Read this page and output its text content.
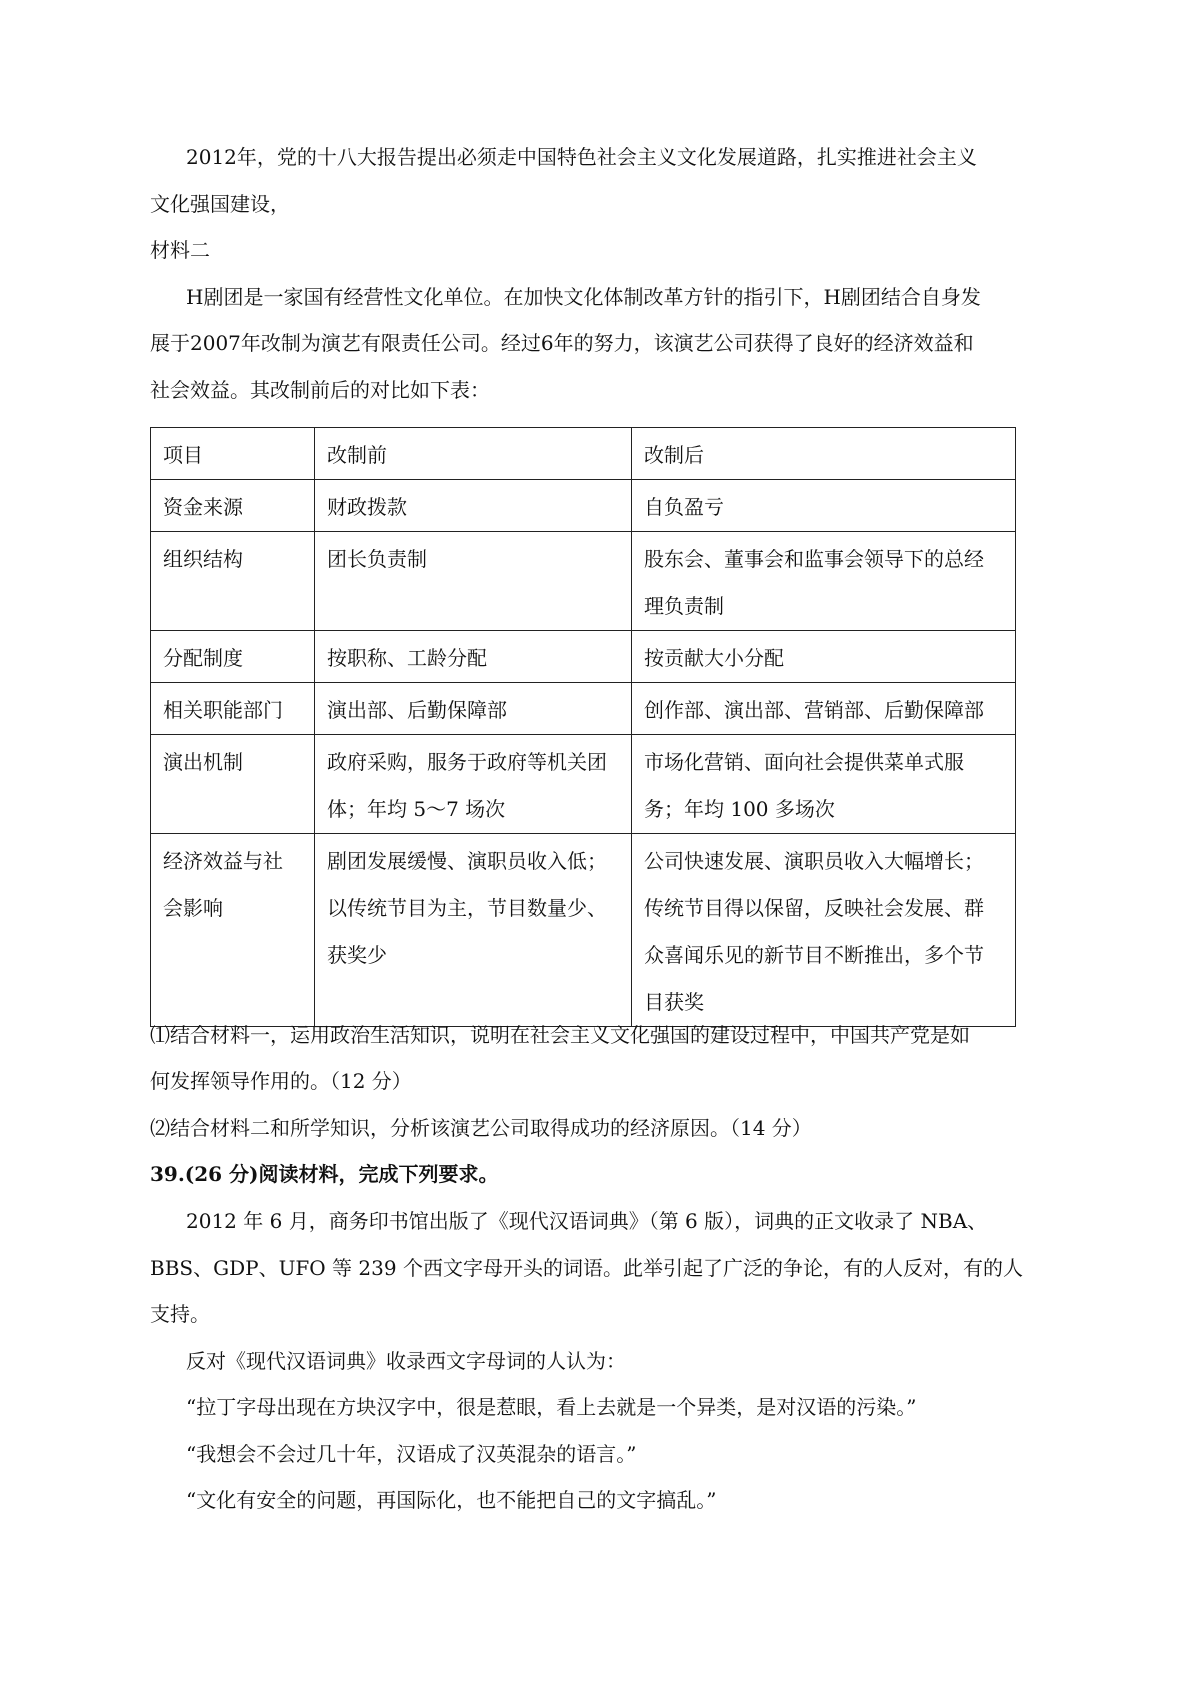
2012年，党的十八大报告提出必须走中国特色社会主义文化发展道路，扎实推进社会主义
文化强国建设，
材料二
H剧团是一家国有经营性文化单位。在加快文化体制改革方针的指引下，H剧团结合自身发
展于2007年改制为演艺有限责任公司。经过6年的努力，该演艺公司获得了良好的经济效益和
社会效益。其改制前后的对比如下表：
项目	改制前	改制后
资金来源	财政拨款	自负盈亏
组织结构	团长负责制	股东会、董事会和监事会领导下的总经理负责制
分配制度	按职称、工龄分配	按贡献大小分配
相关职能部门	演出部、后勤保障部	创作部、演出部、营销部、后勤保障部
演出机制	政府采购，服务于政府等机关团体；年均 5～7 场次	市场化营销、面向社会提供菜单式服务；年均 100 多场次
经济效益与社会影响	剧团发展缓慢、演职员收入低；以传统节目为主，节目数量少、获奖少	公司快速发展、演职员收入大幅增长；传统节目得以保留，反映社会发展、群众喜闻乐见的新节目不断推出，多个节目获奖
⑴结合材料一，运用政治生活知识，说明在社会主义文化强国的建设过程中，中国共产党是如
何发挥领导作用的。（12 分）
⑵结合材料二和所学知识，分析该演艺公司取得成功的经济原因。（14 分）
39.(26 分)阅读材料，完成下列要求。
2012 年 6 月，商务印书馆出版了《现代汉语词典》（第 6 版），词典的正文收录了 NBA、
BBS、GDP、UFO 等 239 个西文字母开头的词语。此举引起了广泛的争论，有的人反对，有的人
支持。
反对《现代汉语词典》收录西文字母词的人认为：
“拉丁字母出现在方块汉字中，很是惹眼，看上去就是一个异类，是对汉语的污染。”
“我想会不会过几十年，汉语成了汉英混杂的语言。”
“文化有安全的问题，再国际化，也不能把自己的文字搞乱。”
